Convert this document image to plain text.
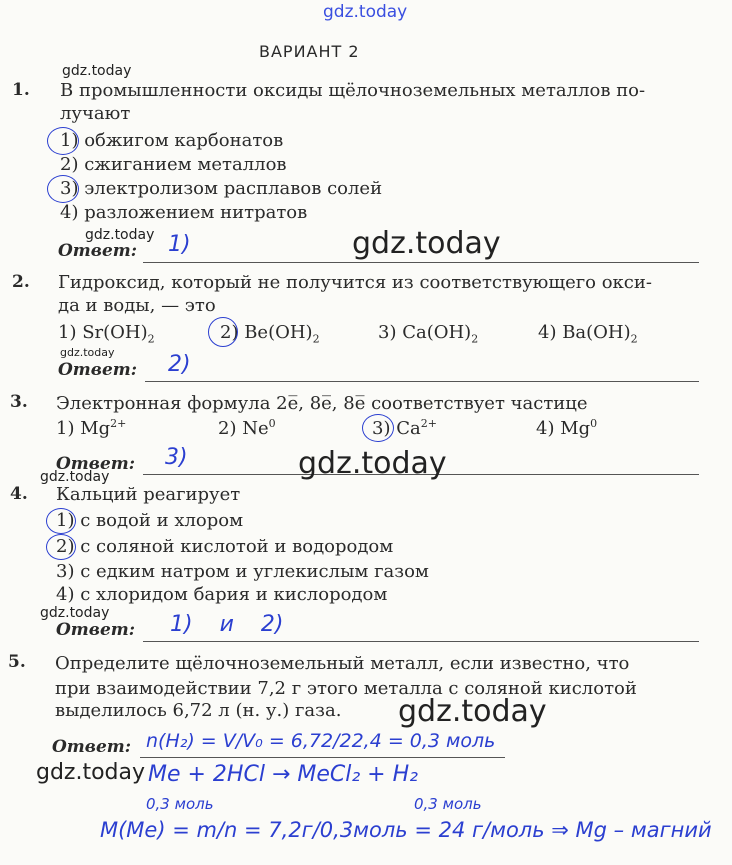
gdz.today
ВАРИАНТ 2
gdz.today
1. В промышленности оксиды щёлочноземельных металлов по-
лучают
1) обжигом карбонатов
2) сжиганием металлов
3) электролизом расплавов солей
4) разложением нитратов
gdz.today
Ответ: 1)	gdz.today
2. Гидроксид, который не получится из соответствующего окси-
да и воды, — это
1) $Sr(OH)_2$	2) $Be(OH)_2$	3) $Ca(OH)_2$	4) $Ba(OH)_2$
gdz.today
Ответ: 2)
3. Электронная формула 2e̅, 8e̅, 8e̅ соответствует частице
1) $Mg^{2+}$	2) Ne$^0$	3) $Ca^{2+}$	4) Mg$^0$
Ответ: 3)	gdz.today
gdz.today
4. Кальций реагирует
1) с водой и хлором
2) с соляной кислотой и водородом
3) с едким натром и углекислым газом
4) с хлоридом бария и кислородом
gdz.today
Ответ: 1) и 2)
5. Определите щёлочноземельный металл, если известно, что
при взаимодействии 7,2 г этого металла с соляной кислотой
выделилось 6,72 л (н. у.) газа. gdz.today
Ответ: n(H₂) = V/V₀ = 6,72/22,4 = 0,3 моль
gdz.today Me + 2HCl → MeCl₂ + H₂
0,3 моль	0,3 моль
M(Me) = m/n = 7,2г/0,3моль = 24 г/моль ⇒ Mg – магний
